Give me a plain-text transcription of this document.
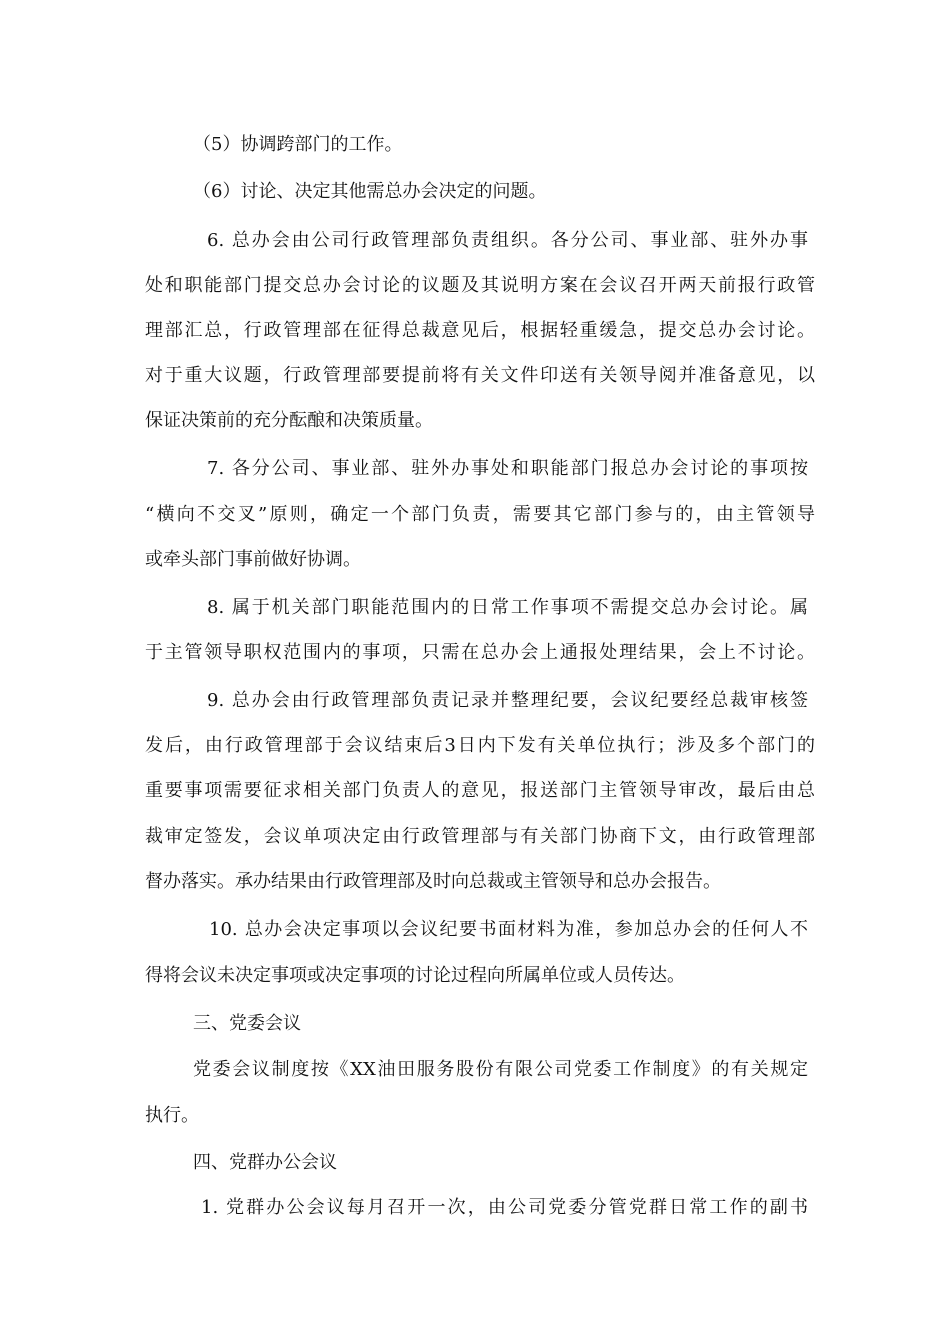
（5）协调跨部门的工作。
（6）讨论、决定其他需总办会决定的问题。
6. 总办会由公司行政管理部负责组织。各分公司、事业部、驻外办事
处和职能部门提交总办会讨论的议题及其说明方案在会议召开两天前报行政管
理部汇总，行政管理部在征得总裁意见后，根据轻重缓急，提交总办会讨论。
对于重大议题，行政管理部要提前将有关文件印送有关领导阅并准备意见，以
保证决策前的充分酝酿和决策质量。
7. 各分公司、事业部、驻外办事处和职能部门报总办会讨论的事项按
“横向不交叉”原则，确定一个部门负责，需要其它部门参与的，由主管领导
或牵头部门事前做好协调。
8. 属于机关部门职能范围内的日常工作事项不需提交总办会讨论。属
于主管领导职权范围内的事项，只需在总办会上通报处理结果，会上不讨论。
9. 总办会由行政管理部负责记录并整理纪要，会议纪要经总裁审核签
发后，由行政管理部于会议结束后3日内下发有关单位执行；涉及多个部门的
重要事项需要征求相关部门负责人的意见，报送部门主管领导审改，最后由总
裁审定签发，会议单项决定由行政管理部与有关部门协商下文，由行政管理部
督办落实。承办结果由行政管理部及时向总裁或主管领导和总办会报告。
10. 总办会决定事项以会议纪要书面材料为准，参加总办会的任何人不
得将会议未决定事项或决定事项的讨论过程向所属单位或人员传达。
三、党委会议
党委会议制度按《XX油田服务股份有限公司党委工作制度》的有关规定
执行。
四、党群办公会议
1. 党群办公会议每月召开一次，由公司党委分管党群日常工作的副书
